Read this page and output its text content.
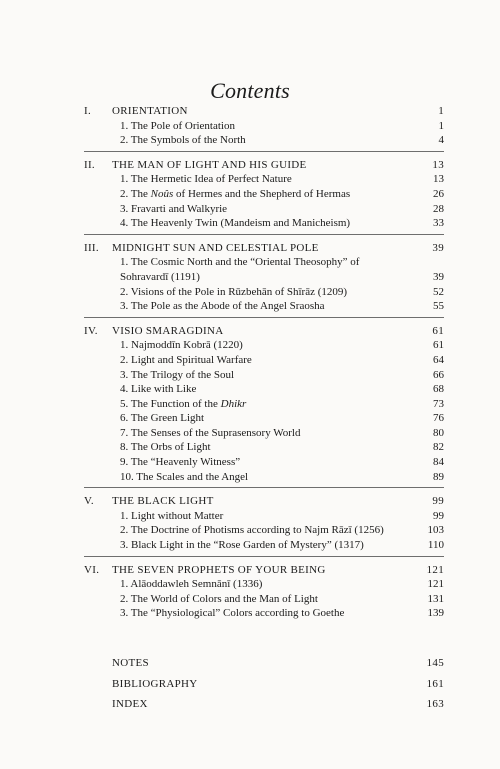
Contents
I. ORIENTATION	1
1. The Pole of Orientation	1
2. The Symbols of the North	4
II. THE MAN OF LIGHT AND HIS GUIDE	13
1. The Hermetic Idea of Perfect Nature	13
2. The Noûs of Hermes and the Shepherd of Hermas	26
3. Fravarti and Walkyrie	28
4. The Heavenly Twin (Mandeism and Manicheism)	33
III. MIDNIGHT SUN AND CELESTIAL POLE	39
1. The Cosmic North and the “Oriental Theosophy” of Sohravardī (1191)	39
2. Visions of the Pole in Rūzbehān of Shīrāz (1209)	52
3. The Pole as the Abode of the Angel Sraosha	55
IV. VISIO SMARAGDINA	61
1. Najmoddīn Kobrā (1220)	61
2. Light and Spiritual Warfare	64
3. The Trilogy of the Soul	66
4. Like with Like	68
5. The Function of the Dhikr	73
6. The Green Light	76
7. The Senses of the Suprasensory World	80
8. The Orbs of Light	82
9. The “Heavenly Witness”	84
10. The Scales and the Angel	89
V. THE BLACK LIGHT	99
1. Light without Matter	99
2. The Doctrine of Photisms according to Najm Rāzī (1256)	103
3. Black Light in the “Rose Garden of Mystery” (1317)	110
VI. THE SEVEN PROPHETS OF YOUR BEING	121
1. Alāoddawleh Semnānī (1336)	121
2. The World of Colors and the Man of Light	131
3. The “Physiological” Colors according to Goethe	139
NOTES	145
BIBLIOGRAPHY	161
INDEX	163
